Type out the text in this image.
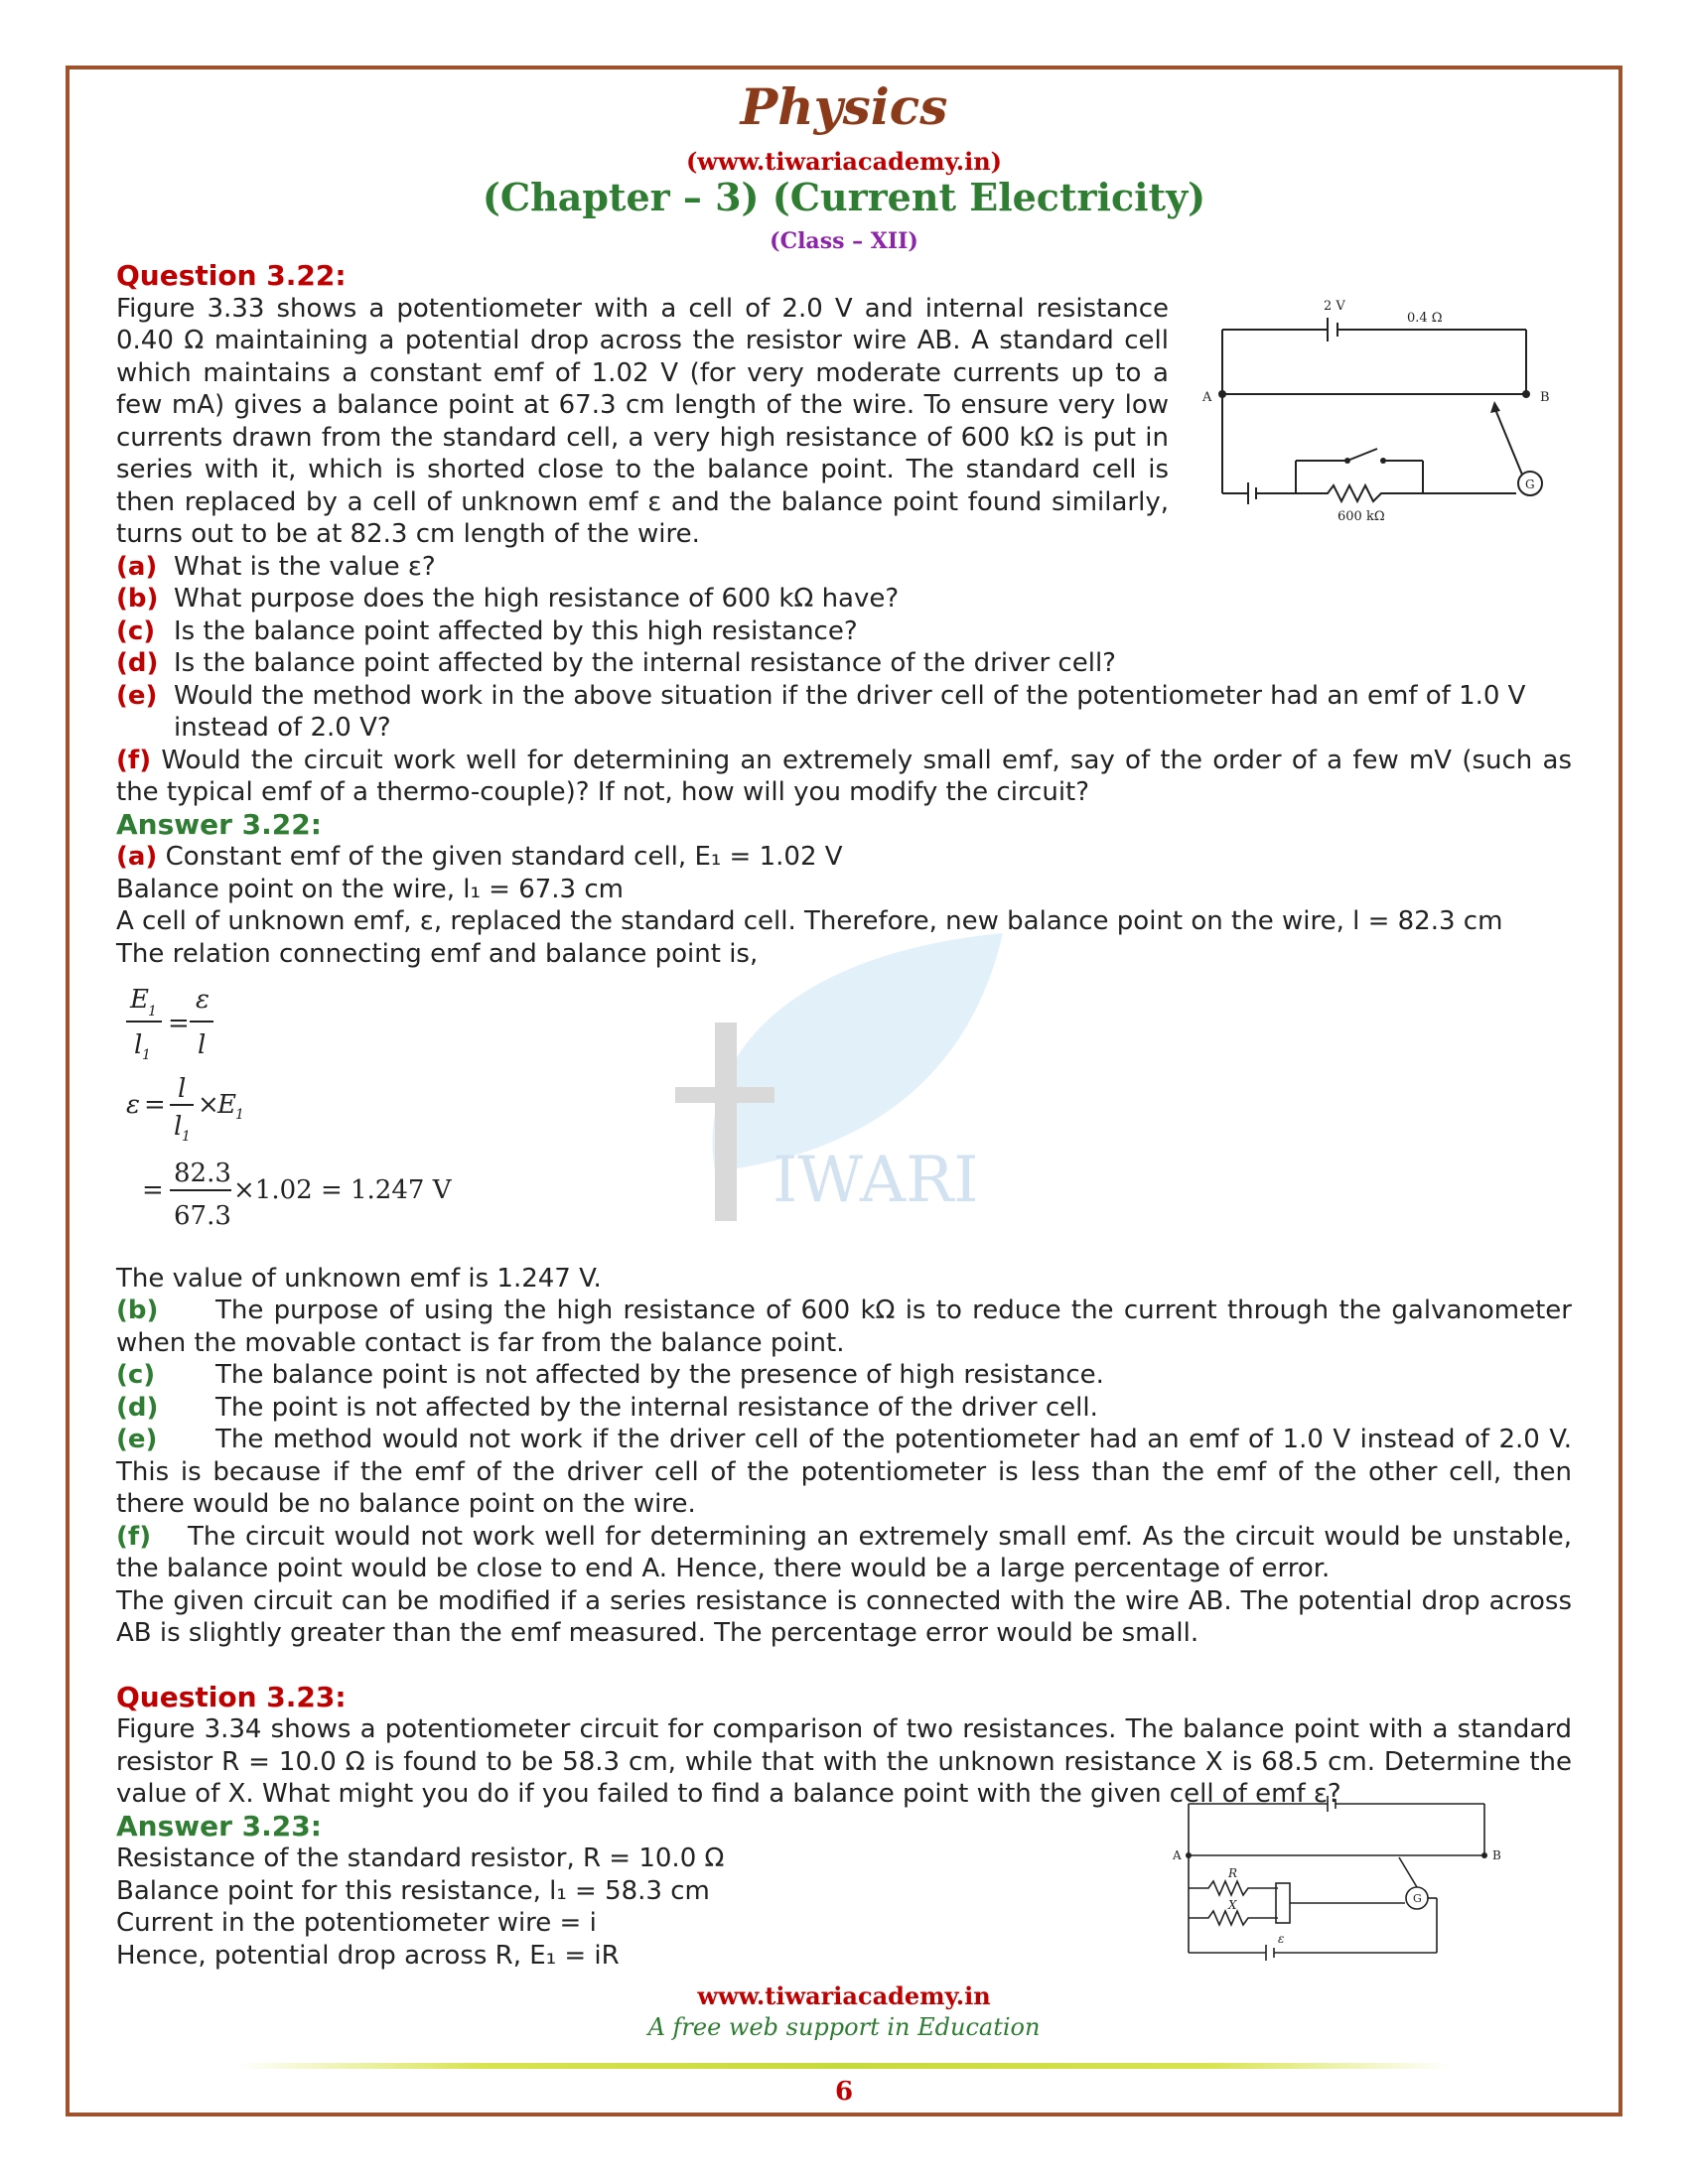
Physics
(www.tiwariacademy.in)
(Chapter – 3) (Current Electricity)
(Class – XII)
IWARI
Question 3.22:

Figure 3.33 shows a potentiometer with a cell of 2.0 V and internal resistance 0.40 Ω maintaining a potential drop across the resistor wire AB. A standard cell which maintains a constant emf of 1.02 V (for very moderate currents up to a few mA) gives a balance point at 67.3 cm length of the wire. To ensure very low currents drawn from the standard cell, a very high resistance of 600 kΩ is put in series with it, which is shorted close to the balance point. The standard cell is then replaced by a cell of unknown emf ε and the balance point found similarly, turns out to be at 82.3 cm length of the wire.

(a) What is the value ε?
(b) What purpose does the high resistance of 600 kΩ have?
(c) Is the balance point affected by this high resistance?
(d) Is the balance point affected by the internal resistance of the driver cell?
(e) Would the method work in the above situation if the driver cell of the potentiometer had an emf of 1.0 V instead of 2.0 V?

(f) Would the circuit work well for determining an extremely small emf, say of the order of a few mV (such as the typical emf of a thermo-couple)? If not, how will you modify the circuit?

Answer 3.22:

(a) Constant emf of the given standard cell, E₁ = 1.02 V

Balance point on the wire, l₁ = 67.3 cm

A cell of unknown emf, ε, replaced the standard cell. Therefore, new balance point on the wire, l = 82.3 cm

The relation connecting emf and balance point is,

E 1
l 1
=
ε
l
ε =
l
l 1
×
E 1
=
82.3
67.3
×1.02 = 1.247 V

The value of unknown emf is 1.247 V.

(b) The purpose of using the high resistance of 600 kΩ is to reduce the current through the galvanometer when the movable contact is far from the balance point.

(c) The balance point is not affected by the presence of high resistance.

(d) The point is not affected by the internal resistance of the driver cell.

(e) The method would not work if the driver cell of the potentiometer had an emf of 1.0 V instead of 2.0 V. This is because if the emf of the driver cell of the potentiometer is less than the emf of the other cell, then there would be no balance point on the wire.

(f) The circuit would not work well for determining an extremely small emf. As the circuit would be unstable, the balance point would be close to end A. Hence, there would be a large percentage of error.

The given circuit can be modified if a series resistance is connected with the wire AB. The potential drop across AB is slightly greater than the emf measured. The percentage error would be small.

Question 3.23:

Figure 3.34 shows a potentiometer circuit for comparison of two resistances. The balance point with a standard resistor R = 10.0 Ω is found to be 58.3 cm, while that with the unknown resistance X is 68.5 cm. Determine the value of X. What might you do if you failed to find a balance point with the given cell of emf ε?

Answer 3.23:

Resistance of the standard resistor, R = 10.0 Ω

Balance point for this resistance, l₁ = 58.3 cm

Current in the potentiometer wire = i

Hence, potential drop across R, E₁ = iR

2 V
0.4 Ω
A	B
G
600 kΩ
A	B
R
X	G
ε
www.tiwariacademy.in
A free web support in Education
6
